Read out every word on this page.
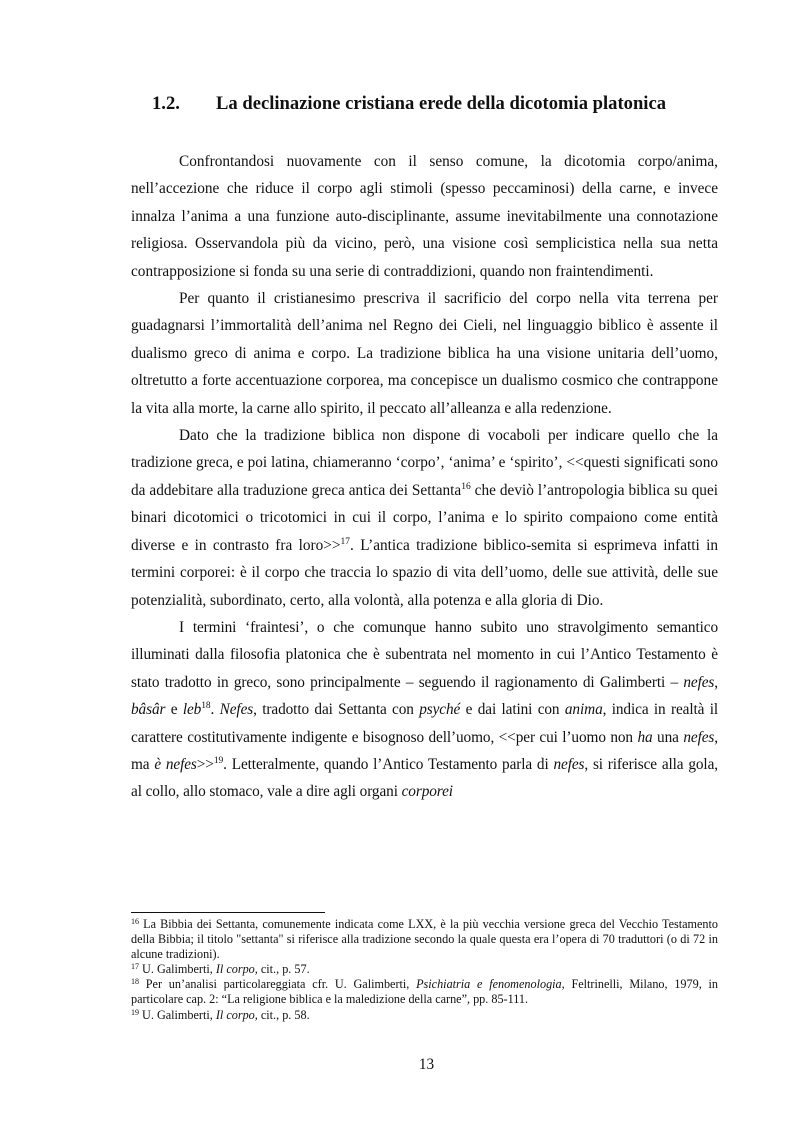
1.2. La declinazione cristiana erede della dicotomia platonica

Confrontandosi nuovamente con il senso comune, la dicotomia corpo/anima, nell’accezione che riduce il corpo agli stimoli (spesso peccaminosi) della carne, e invece innalza l’anima a una funzione auto-disciplinante, assume inevitabilmente una connotazione religiosa. Osservandola più da vicino, però, una visione così semplicistica nella sua netta contrapposizione si fonda su una serie di contraddizioni, quando non fraintendimenti.

Per quanto il cristianesimo prescriva il sacrificio del corpo nella vita terrena per guadagnarsi l’immortalità dell’anima nel Regno dei Cieli, nel linguaggio biblico è assente il dualismo greco di anima e corpo. La tradizione biblica ha una visione unitaria dell’uomo, oltretutto a forte accentuazione corporea, ma concepisce un dualismo cosmico che contrappone la vita alla morte, la carne allo spirito, il peccato all’alleanza e alla redenzione.

Dato che la tradizione biblica non dispone di vocaboli per indicare quello che la tradizione greca, e poi latina, chiameranno ‘corpo’, ‘anima’ e ‘spirito’, <<questi significati sono da addebitare alla traduzione greca antica dei Settanta$^{16}$ che deviò l’antropologia biblica su quei binari dicotomici o tricotomici in cui il corpo, l’anima e lo spirito compaiono come entità diverse e in contrasto fra loro>>$^{17}$. L’antica tradizione biblico-semita si esprimeva infatti in termini corporei: è il corpo che traccia lo spazio di vita dell’uomo, delle sue attività, delle sue potenzialità, subordinato, certo, alla volontà, alla potenza e alla gloria di Dio.

I termini ‘fraintesi’, o che comunque hanno subito uno stravolgimento semantico illuminati dalla filosofia platonica che è subentrata nel momento in cui l’Antico Testamento è stato tradotto in greco, sono principalmente – seguendo il ragionamento di Galimberti – nefes, bâsâr e leb$^{18}$. Nefes, tradotto dai Settanta con psyché e dai latini con anima, indica in realtà il carattere costitutivamente indigente e bisognoso dell’uomo, <<per cui l’uomo non ha una nefes, ma è nefes>>$^{19}$. Letteralmente, quando l’Antico Testamento parla di nefes, si riferisce alla gola, al collo, allo stomaco, vale a dire agli organi corporei

$^{16}$ La Bibbia dei Settanta, comunemente indicata come LXX, è la più vecchia versione greca del Vecchio Testamento della Bibbia; il titolo "settanta" si riferisce alla tradizione secondo la quale questa era l’opera di 70 traduttori (o di 72 in alcune tradizioni).

$^{17}$ U. Galimberti, Il corpo, cit., p. 57.

$^{18}$ Per un’analisi particolareggiata cfr. U. Galimberti, Psichiatria e fenomenologia, Feltrinelli, Milano, 1979, in particolare cap. 2: “La religione biblica e la maledizione della carne”, pp. 85-111.

$^{19}$ U. Galimberti, Il corpo, cit., p. 58.

13
